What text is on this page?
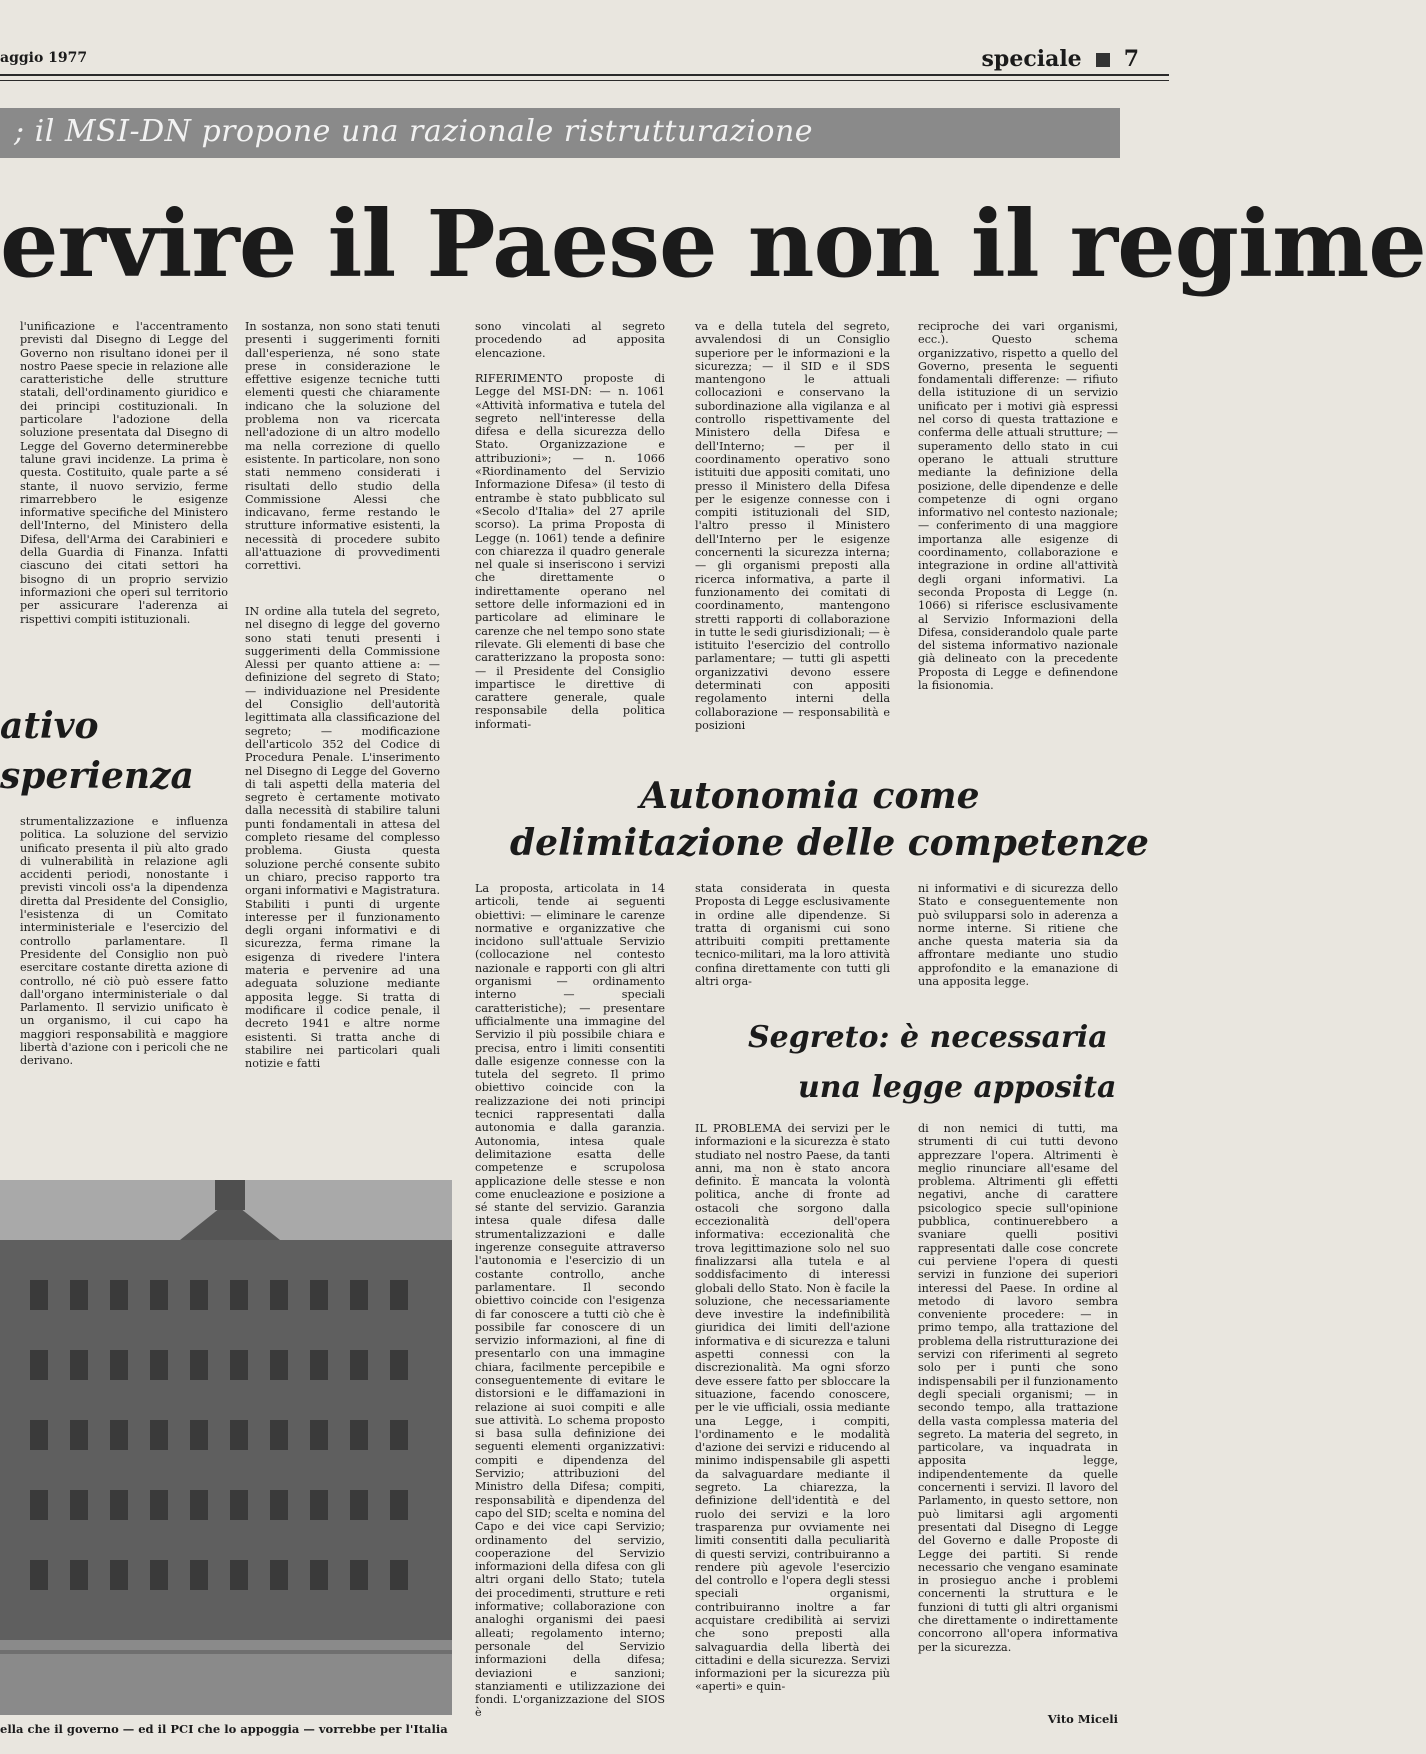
aggio 1977	speciale 7
; il MSI-DN propone una razionale ristrutturazione
ervire il Paese non il regime

l'unificazione e l'accentramento previsti dal Disegno di Legge del Governo non risultano idonei per il nostro Paese specie in relazione alle caratteristiche delle strutture statali, dell'ordinamento giuridico e dei principi costituzionali. In particolare l'adozione della soluzione presentata dal Disegno di Legge del Governo determinerebbe talune gravi incidenze. La prima è questa. Costituito, quale parte a sé stante, il nuovo servizio, ferme rimarrebbero le esigenze informative specifiche del Ministero dell'Interno, del Ministero della Difesa, dell'Arma dei Carabinieri e della Guardia di Finanza. Infatti ciascuno dei citati settori ha bisogno di un proprio servizio informazioni che operi sul territorio per assicurare l'aderenza ai rispettivi compiti istituzionali.

In sostanza, non sono stati tenuti presenti i suggerimenti forniti dall'esperienza, né sono state prese in considerazione le effettive esigenze tecniche tutti elementi questi che chiaramente indicano che la soluzione del problema non va ricercata nell'adozione di un altro modello ma nella correzione di quello esistente. In particolare, non sono stati nemmeno considerati i risultati dello studio della Commissione Alessi che indicavano, ferme restando le strutture informative esistenti, la necessità di procedere subito all'attuazione di provvedimenti correttivi.

IN ordine alla tutela del segreto, nel disegno di legge del governo sono stati tenuti presenti i suggerimenti della Commissione Alessi per quanto attiene a: — definizione del segreto di Stato; — individuazione nel Presidente del Consiglio dell'autorità legittimata alla classificazione del segreto; — modificazione dell'articolo 352 del Codice di Procedura Penale. L'inserimento nel Disegno di Legge del Governo di tali aspetti della materia del segreto è certamente motivato dalla necessità di stabilire taluni punti fondamentali in attesa del completo riesame del complesso problema. Giusta questa soluzione perché consente subito un chiaro, preciso rapporto tra organi informativi e Magistratura. Stabiliti i punti di urgente interesse per il funzionamento degli organi informativi e di sicurezza, ferma rimane la esigenza di rivedere l'intera materia e pervenire ad una adeguata soluzione mediante apposita legge. Si tratta di modificare il codice penale, il decreto 1941 e altre norme esistenti. Si tratta anche di stabilire nei particolari quali notizie e fatti

sono vincolati al segreto procedendo ad apposita elencazione.

RIFERIMENTO proposte di Legge del MSI-DN: — n. 1061 «Attività informativa e tutela del segreto nell'interesse della difesa e della sicurezza dello Stato. Organizzazione e attribuzioni»; — n. 1066 «Riordinamento del Servizio Informazione Difesa» (il testo di entrambe è stato pubblicato sul «Secolo d'Italia» del 27 aprile scorso). La prima Proposta di Legge (n. 1061) tende a definire con chiarezza il quadro generale nel quale si inseriscono i servizi che direttamente o indirettamente operano nel settore delle informazioni ed in particolare ad eliminare le carenze che nel tempo sono state rilevate. Gli elementi di base che caratterizzano la proposta sono: — il Presidente del Consiglio impartisce le direttive di carattere generale, quale responsabile della politica informati-

va e della tutela del segreto, avvalendosi di un Consiglio superiore per le informazioni e la sicurezza; — il SID e il SDS mantengono le attuali collocazioni e conservano la subordinazione alla vigilanza e al controllo rispettivamente del Ministero della Difesa e dell'Interno; — per il coordinamento operativo sono istituiti due appositi comitati, uno presso il Ministero della Difesa per le esigenze connesse con i compiti istituzionali del SID, l'altro presso il Ministero dell'Interno per le esigenze concernenti la sicurezza interna; — gli organismi preposti alla ricerca informativa, a parte il funzionamento dei comitati di coordinamento, mantengono stretti rapporti di collaborazione in tutte le sedi giurisdizionali; — è istituito l'esercizio del controllo parlamentare; — tutti gli aspetti organizzativi devono essere determinati con appositi regolamento interni della collaborazione — responsabilità e posizioni

reciproche dei vari organismi, ecc.). Questo schema organizzativo, rispetto a quello del Governo, presenta le seguenti fondamentali differenze: — rifiuto della istituzione di un servizio unificato per i motivi già espressi nel corso di questa trattazione e conferma delle attuali strutture; — superamento dello stato in cui operano le attuali strutture mediante la definizione della posizione, delle dipendenze e delle competenze di ogni organo informativo nel contesto nazionale; — conferimento di una maggiore importanza alle esigenze di coordinamento, collaborazione e integrazione in ordine all'attività degli organi informativi. La seconda Proposta di Legge (n. 1066) si riferisce esclusivamente al Servizio Informazioni della Difesa, considerandolo quale parte del sistema informativo nazionale già delineato con la precedente Proposta di Legge e definendone la fisionomia.

ativo
sperienza

strumentalizzazione e influenza politica. La soluzione del servizio unificato presenta il più alto grado di vulnerabilità in relazione agli accidenti periodi, nonostante i previsti vincoli oss'a la dipendenza diretta dal Presidente del Consiglio, l'esistenza di un Comitato interministeriale e l'esercizio del controllo parlamentare. Il Presidente del Consiglio non può esercitare costante diretta azione di controllo, né ciò può essere fatto dall'organo interministeriale o dal Parlamento. Il servizio unificato è un organismo, il cui capo ha maggiori responsabilità e maggiore libertà d'azione con i pericoli che ne derivano.

Autonomia come
delimitazione delle competenze

La proposta, articolata in 14 articoli, tende ai seguenti obiettivi: — eliminare le carenze normative e organizzative che incidono sull'attuale Servizio (collocazione nel contesto nazionale e rapporti con gli altri organismi — ordinamento interno — speciali caratteristiche); — presentare ufficialmente una immagine del Servizio il più possibile chiara e precisa, entro i limiti consentiti dalle esigenze connesse con la tutela del segreto. Il primo obiettivo coincide con la realizzazione dei noti principi tecnici rappresentati dalla autonomia e dalla garanzia. Autonomia, intesa quale delimitazione esatta delle competenze e scrupolosa applicazione delle stesse e non come enucleazione e posizione a sé stante del servizio. Garanzia intesa quale difesa dalle strumentalizzazioni e dalle ingerenze conseguite attraverso l'autonomia e l'esercizio di un costante controllo, anche parlamentare. Il secondo obiettivo coincide con l'esigenza di far conoscere a tutti ciò che è possibile far conoscere di un servizio informazioni, al fine di presentarlo con una immagine chiara, facilmente percepibile e conseguentemente di evitare le distorsioni e le diffamazioni in relazione ai suoi compiti e alle sue attività. Lo schema proposto si basa sulla definizione dei seguenti elementi organizzativi: compiti e dipendenza del Servizio; attribuzioni del Ministro della Difesa; compiti, responsabilità e dipendenza del capo del SID; scelta e nomina del Capo e dei vice capi Servizio; ordinamento del servizio, cooperazione del Servizio informazioni della difesa con gli altri organi dello Stato; tutela dei procedimenti, strutture e reti informative; collaborazione con analoghi organismi dei paesi alleati; regolamento interno; personale del Servizio informazioni della difesa; deviazioni e sanzioni; stanziamenti e utilizzazione dei fondi. L'organizzazione del SIOS è

stata considerata in questa Proposta di Legge esclusivamente in ordine alle dipendenze. Si tratta di organismi cui sono attribuiti compiti prettamente tecnico-militari, ma la loro attività confina direttamente con tutti gli altri orga-

ni informativi e di sicurezza dello Stato e conseguentemente non può svilupparsi solo in aderenza a norme interne. Si ritiene che anche questa materia sia da affrontare mediante uno studio approfondito e la emanazione di una apposita legge.

Segreto: è necessaria
una legge apposita

IL PROBLEMA dei servizi per le informazioni e la sicurezza è stato studiato nel nostro Paese, da tanti anni, ma non è stato ancora definito. È mancata la volontà politica, anche di fronte ad ostacoli che sorgono dalla eccezionalità dell'opera informativa: eccezionalità che trova legittimazione solo nel suo finalizzarsi alla tutela e al soddisfacimento di interessi globali dello Stato. Non è facile la soluzione, che necessariamente deve investire la indefinibilità giuridica dei limiti dell'azione informativa e di sicurezza e taluni aspetti connessi con la discrezionalità. Ma ogni sforzo deve essere fatto per sbloccare la situazione, facendo conoscere, per le vie ufficiali, ossia mediante una Legge, i compiti, l'ordinamento e le modalità d'azione dei servizi e riducendo al minimo indispensabile gli aspetti da salvaguardare mediante il segreto. La chiarezza, la definizione dell'identità e del ruolo dei servizi e la loro trasparenza pur ovviamente nei limiti consentiti dalla peculiarità di questi servizi, contribuiranno a rendere più agevole l'esercizio del controllo e l'opera degli stessi speciali organismi, contribuiranno inoltre a far acquistare credibilità ai servizi che sono preposti alla salvaguardia della libertà dei cittadini e della sicurezza. Servizi informazioni per la sicurezza più «aperti» e quin-

di non nemici di tutti, ma strumenti di cui tutti devono apprezzare l'opera. Altrimenti è meglio rinunciare all'esame del problema. Altrimenti gli effetti negativi, anche di carattere psicologico specie sull'opinione pubblica, continuerebbero a svaniare quelli positivi rappresentati dalle cose concrete cui perviene l'opera di questi servizi in funzione dei superiori interessi del Paese. In ordine al metodo di lavoro sembra conveniente procedere: — in primo tempo, alla trattazione del problema della ristrutturazione dei servizi con riferimenti al segreto solo per i punti che sono indispensabili per il funzionamento degli speciali organismi; — in secondo tempo, alla trattazione della vasta complessa materia del segreto. La materia del segreto, in particolare, va inquadrata in apposita legge, indipendentemente da quelle concernenti i servizi. Il lavoro del Parlamento, in questo settore, non può limitarsi agli argomenti presentati dal Disegno di Legge del Governo e dalle Proposte di Legge dei partiti. Si rende necessario che vengano esaminate in prosieguo anche i problemi concernenti la struttura e le funzioni di tutti gli altri organismi che direttamente o indirettamente concorrono all'opera informativa per la sicurezza.

Vito Miceli
ella che il governo — ed il PCI che lo appoggia — vorrebbe per l'Italia
